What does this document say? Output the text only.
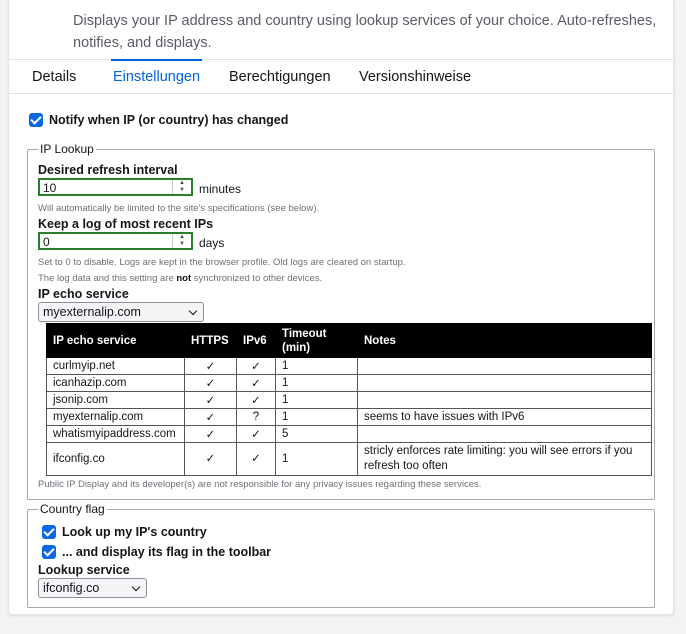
Displays your IP address and country using lookup services of your choice. Auto-refreshes, notifies, and displays.
Details	Einstellungen Berechtigungen Versionshinweise
Notify when IP (or country) has changed
IP Lookup
Desired refresh interval
10	▲
▼	minutes
Will automatically be limited to the site's specifications (see below).
Keep a log of most recent IPs
0	▲
▼	days
Set to 0 to disable. Logs are kept in the browser profile. Old logs are cleared on startup.
The log data and this setting are not synchronized to other devices.
IP echo service
myexternalip.com
IP echo service	HTTPS	IPv6	Timeout (min)	Notes
curlmyip.net	✓	✓	1	
icanhazip.com	✓	✓	1	
jsonip.com	✓	✓	1	
myexternalip.com	✓	?	1	seems to have issues with IPv6
whatismyipaddress.com	✓	✓	5	
ifconfig.co	✓	✓	1	stricly enforces rate limiting: you will see errors if you refresh too often
Public IP Display and its developer(s) are not responsible for any privacy issues regarding these services.
Country flag
Look up my IP's country
... and display its flag in the toolbar
Lookup service
ifconfig.co
